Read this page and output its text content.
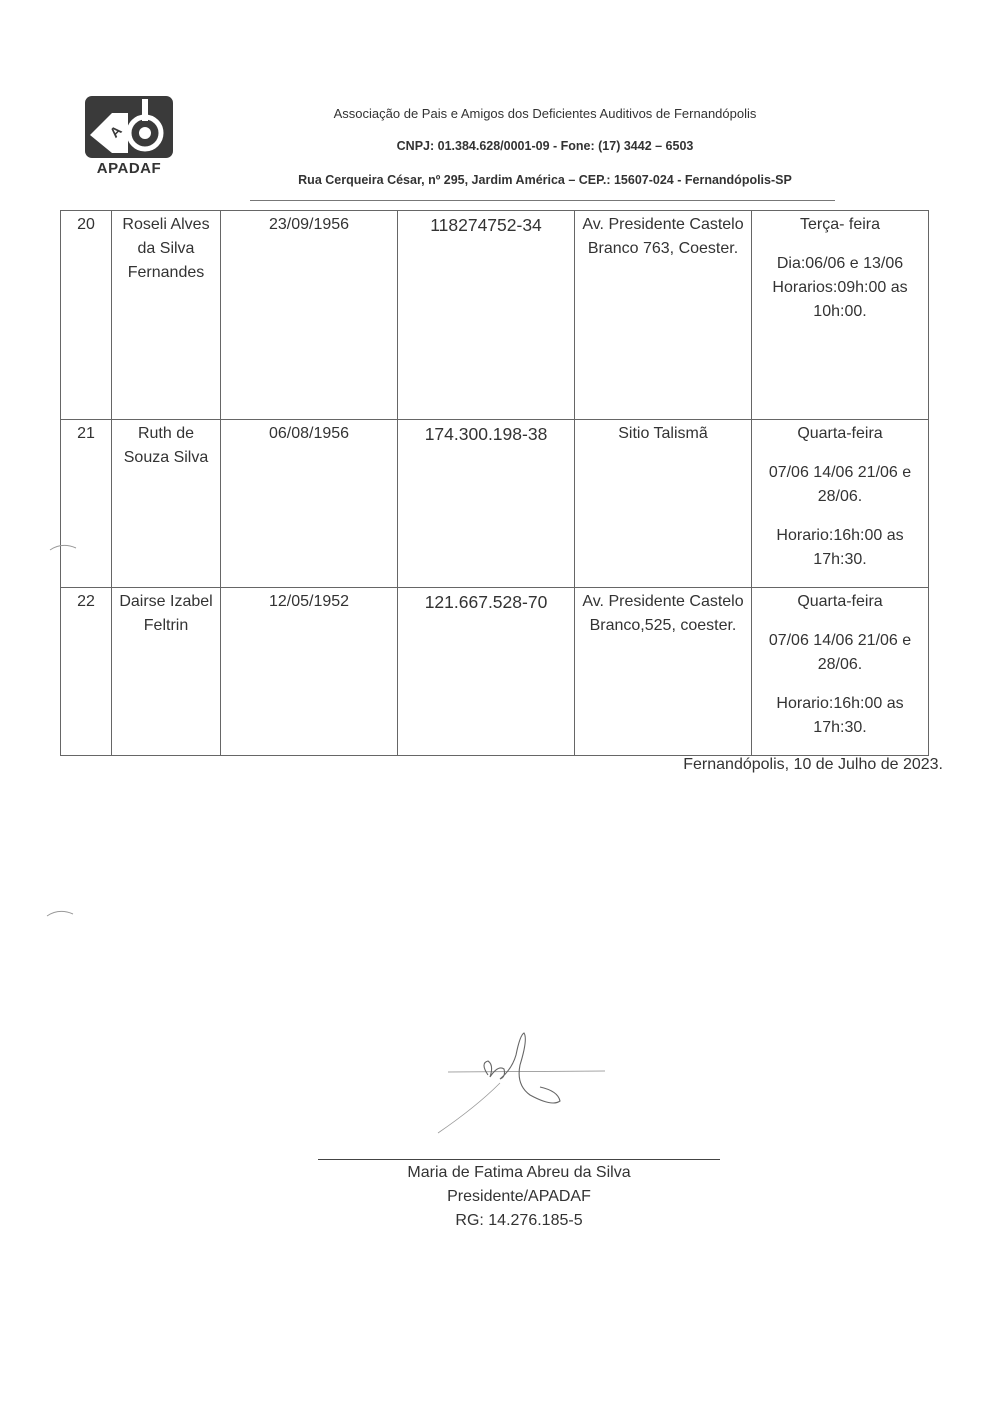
A
APADAF
Associação de Pais e Amigos dos Deficientes Auditivos de Fernandópolis
CNPJ: 01.384.628/0001-09 - Fone: (17) 3442 – 6503
Rua Cerqueira César, nº 295, Jardim América – CEP.: 15607-024 - Fernandópolis-SP
20	Roseli Alves da Silva Fernandes	23/09/1956	118274752-34	Av. Presidente Castelo Branco 763, Coester.	Terça- feira
Dia:06/06 e 13/06 Horarios:09h:00 as 10h:00.

21	Ruth de Souza Silva	06/08/1956	174.300.198-38	Sitio Talismã	Quarta-feira
07/06 14/06 21/06 e 28/06.
Horario:16h:00 as 17h:30.

22	Dairse Izabel Feltrin	12/05/1952	121.667.528-70	Av. Presidente Castelo Branco,525, coester.	Quarta-feira
07/06 14/06 21/06 e 28/06.
Horario:16h:00 as 17h:30.
Fernandópolis, 10 de Julho de 2023.
Maria de Fatima Abreu da Silva
Presidente/APADAF
RG: 14.276.185-5
